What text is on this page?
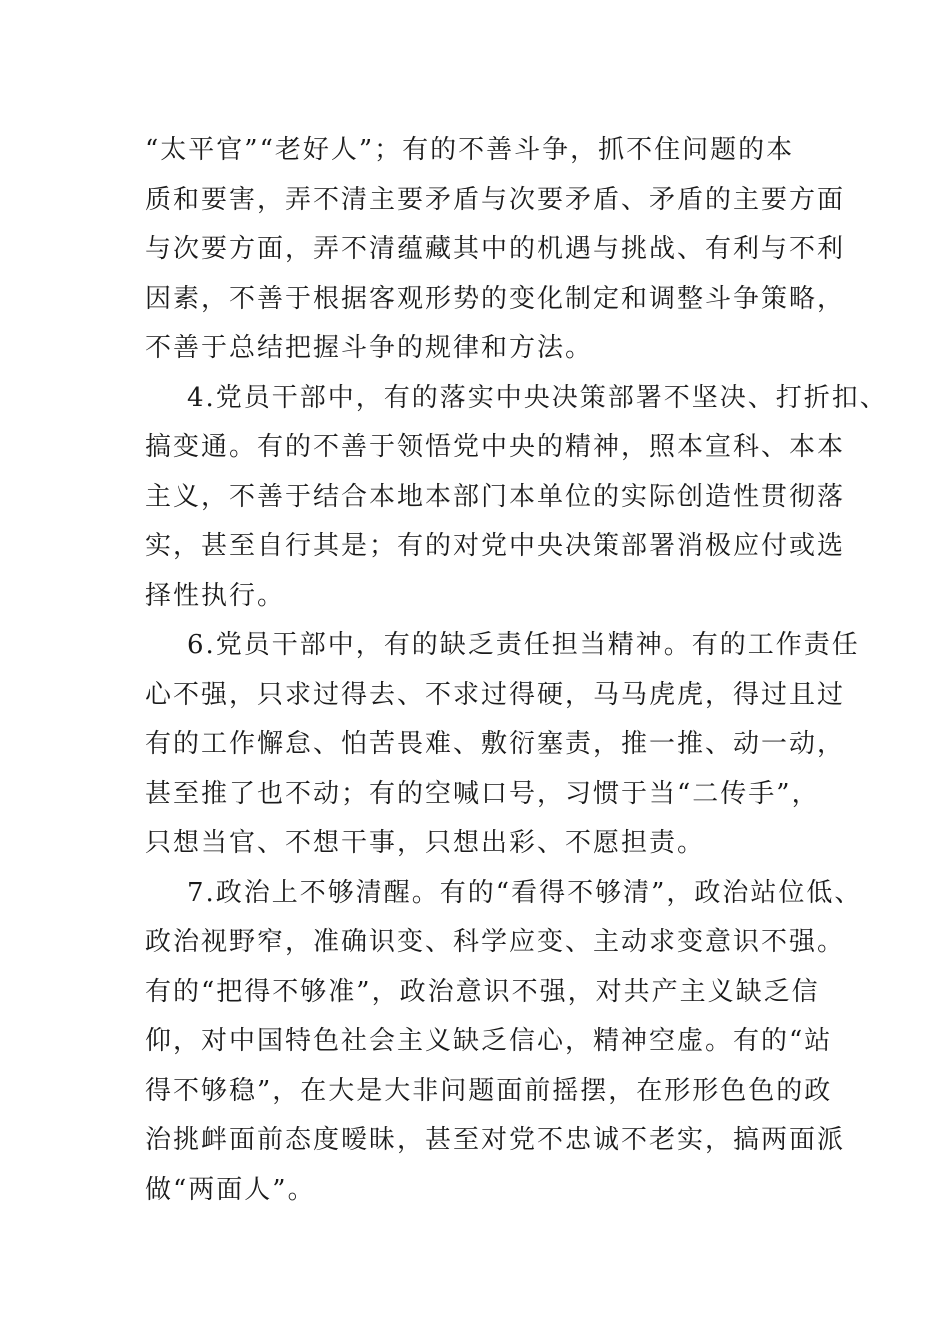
“太平官”“老好人”；有的不善斗争，抓不住问题的本
质和要害，弄不清主要矛盾与次要矛盾、矛盾的主要方面
与次要方面，弄不清蕴藏其中的机遇与挑战、有利与不利
因素，不善于根据客观形势的变化制定和调整斗争策略，
不善于总结把握斗争的规律和方法。
4.党员干部中，有的落实中央决策部署不坚决、打折扣、
搞变通。有的不善于领悟党中央的精神，照本宣科、本本
主义，不善于结合本地本部门本单位的实际创造性贯彻落
实，甚至自行其是；有的对党中央决策部署消极应付或选
择性执行。
6.党员干部中，有的缺乏责任担当精神。有的工作责任
心不强，只求过得去、不求过得硬，马马虎虎，得过且过
有的工作懈怠、怕苦畏难、敷衍塞责，推一推、动一动，
甚至推了也不动；有的空喊口号，习惯于当“二传手”，
只想当官、不想干事，只想出彩、不愿担责。
7.政治上不够清醒。有的“看得不够清”，政治站位低、
政治视野窄，准确识变、科学应变、主动求变意识不强。
有的“把得不够准”，政治意识不强，对共产主义缺乏信
仰，对中国特色社会主义缺乏信心，精神空虚。有的“站
得不够稳”，在大是大非问题面前摇摆，在形形色色的政
治挑衅面前态度暧昧，甚至对党不忠诚不老实，搞两面派
做“两面人”。
